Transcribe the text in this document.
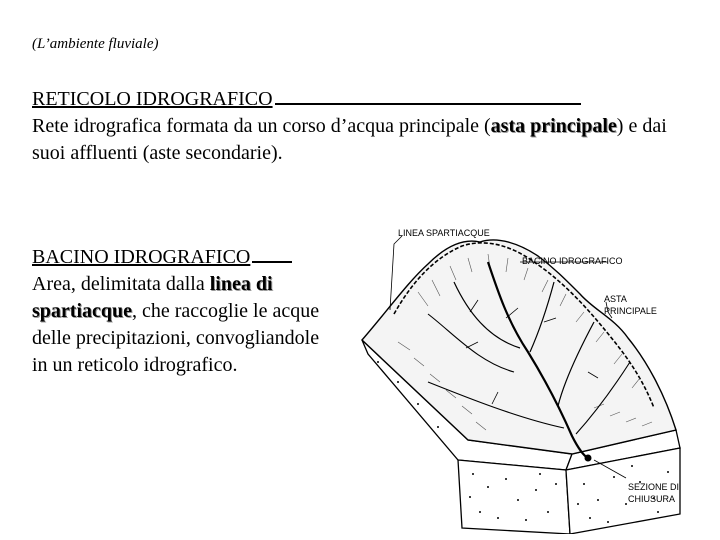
(L’ambiente fluviale)
RETICOLO IDROGRAFICO
Rete idrografica formata da un corso d’acqua principale (asta principale) e dai suoi affluenti (aste secondarie).
BACINO IDROGRAFICO
Area, delimitata dalla linea di spartiacque, che raccoglie le acque delle precipitazioni, convogliandole in un reticolo idrografico.
LINEA SPARTIACQUE
BACINO IDROGRAFICO
ASTA
PRINCIPALE
SEZIONE DI
CHIUSURA
